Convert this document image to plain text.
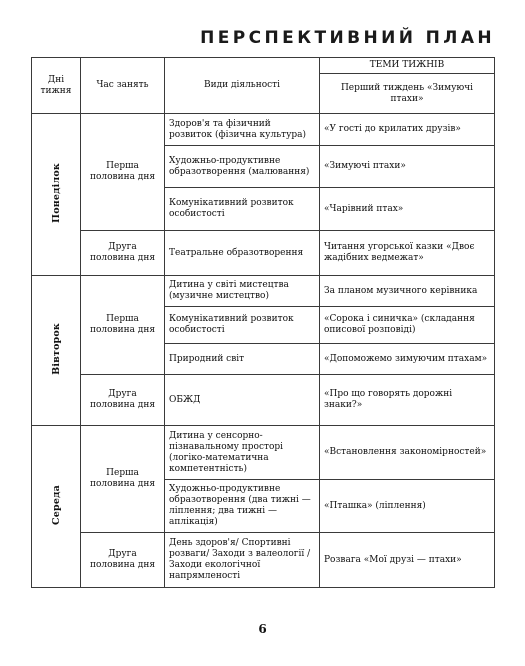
ПЕРСПЕКТИВНИЙ ПЛАН
Дні тижня	Час занять	Види діяльності	ТЕМИ ТИЖНІВ
			Перший тиждень «Зимуючі птахи»
Понеділок	Перша половина дня	Здоров'я та фізичний розвиток (фізична культура)	«У гості до крилатих друзів»
		Художньо-продуктивне образотворення (малювання)	«Зимуючі птахи»
		Комунікативний розвиток особистості	«Чарівний птах»
	Друга половина дня	Театральне образотворення	Читання угорської казки «Двоє жадібних ведмежат»
Вівторок	Перша половина дня	Дитина у світі мистецтва (музичне мистецтво)	За планом музичного керівника
		Комунікативний розвиток особистості	«Сорока і синичка» (складання описової розповіді)
		Природний світ	«Допоможемо зимуючим птахам»
	Друга половина дня	ОБЖД	«Про що говорять дорожні знаки?»
Середа	Перша половина дня	Дитина у сенсорно-пізнавальному просторі (логіко-математична компетентність)	«Встановлення закономірностей»
		Художньо-продуктивне образотворення (два тижні — ліплення; два тижні — аплікація)	«Пташка» (ліплення)
	Друга половина дня	День здоров'я/ Спортивні розваги/ Заходи з валеології /Заходи екологічної напрямленості	Розвага «Мої друзі — птахи»
6
